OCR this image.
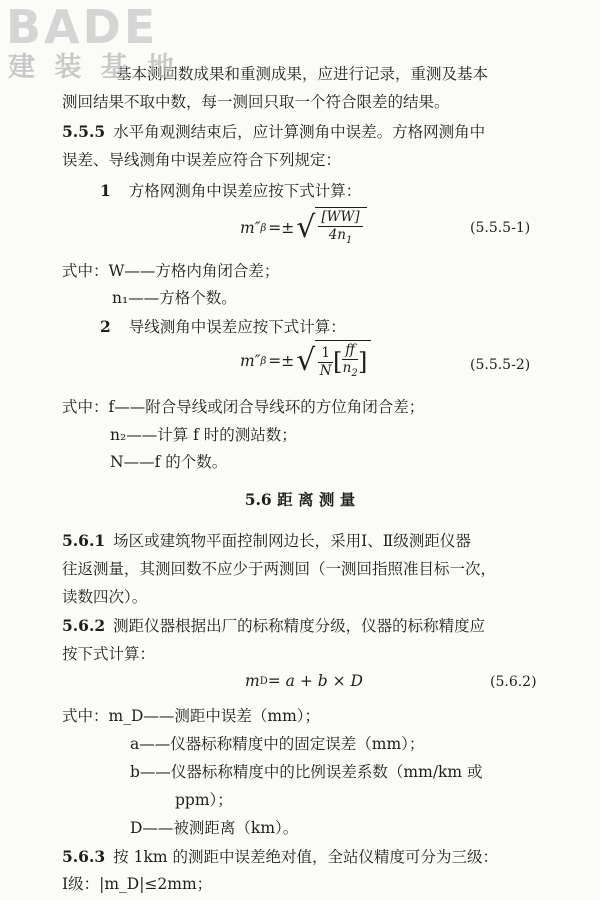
BADE
建 装 基 地
基本测回数成果和重测成果，应进行记录，重测及基本
测回结果不取中数，每一测回只取一个符合限差的结果。
5.5.5 水平角观测结束后，应计算测角中误差。方格网测角中
误差、导线测角中误差应符合下列规定：
1 方格网测角中误差应按下式计算：
m″ β =± √ $\frac{[WW]}{4n_1}$	(5.5.5-1)
式中：W——方格内角闭合差；
n₁——方格个数。
2 导线测角中误差应按下式计算：
m″ β =± √ $\frac{1}{N}$ [ $\frac{ff}{n_2}$ ]	(5.5.5-2)
式中：f——附合导线或闭合导线环的方位角闭合差；
n₂——计算 f 时的测站数；
N——f 的个数。
5.6 距 离 测 量
5.6.1 场区或建筑物平面控制网边长，采用Ⅰ、Ⅱ级测距仪器
往返测量，其测回数不应少于两测回（一测回指照准目标一次，
读数四次）。
5.6.2 测距仪器根据出厂的标称精度分级，仪器的标称精度应
按下式计算：
m D = a + b × D	(5.6.2)
式中：m_D——测距中误差（mm）；
a——仪器标称精度中的固定误差（mm）；
b——仪器标称精度中的比例误差系数（mm/km 或
ppm）；
D——被测距离（km）。
5.6.3 按 1km 的测距中误差绝对值，全站仪精度可分为三级：
Ⅰ级：|m_D|≤2mm；
